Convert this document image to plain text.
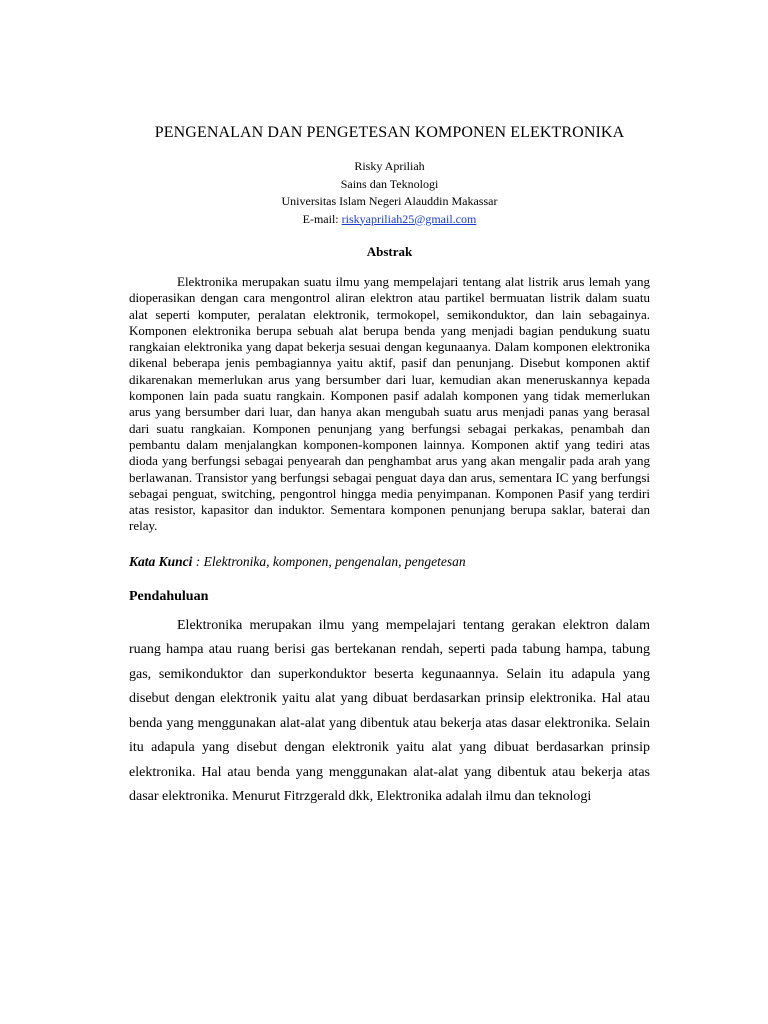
PENGENALAN DAN PENGETESAN KOMPONEN ELEKTRONIKA
Risky Apriliah
Sains dan Teknologi
Universitas Islam Negeri Alauddin Makassar
E-mail: riskyapriliah25@gmail.com
Abstrak

Elektronika merupakan suatu ilmu yang mempelajari tentang alat listrik arus lemah yang dioperasikan dengan cara mengontrol aliran elektron atau partikel bermuatan listrik dalam suatu alat seperti komputer, peralatan elektronik, termokopel, semikonduktor, dan lain sebagainya. Komponen elektronika berupa sebuah alat berupa benda yang menjadi bagian pendukung suatu rangkaian elektronika yang dapat bekerja sesuai dengan kegunaanya. Dalam komponen elektronika dikenal beberapa jenis pembagiannya yaitu aktif, pasif dan penunjang. Disebut komponen aktif dikarenakan memerlukan arus yang bersumber dari luar, kemudian akan meneruskannya kepada komponen lain pada suatu rangkain. Komponen pasif adalah komponen yang tidak memerlukan arus yang bersumber dari luar, dan hanya akan mengubah suatu arus menjadi panas yang berasal dari suatu rangkaian. Komponen penunjang yang berfungsi sebagai perkakas, penambah dan pembantu dalam menjalangkan komponen-komponen lainnya. Komponen aktif yang tediri atas dioda yang berfungsi sebagai penyearah dan penghambat arus yang akan mengalir pada arah yang berlawanan. Transistor yang berfungsi sebagai penguat daya dan arus, sementara IC yang berfungsi sebagai penguat, switching, pengontrol hingga media penyimpanan. Komponen Pasif yang terdiri atas resistor, kapasitor dan induktor. Sementara komponen penunjang berupa saklar, baterai dan relay.

Kata Kunci : Elektronika, komponen, pengenalan, pengetesan
Pendahuluan

Elektronika merupakan ilmu yang mempelajari tentang gerakan elektron dalam ruang hampa atau ruang berisi gas bertekanan rendah, seperti pada tabung hampa, tabung gas, semikonduktor dan superkonduktor beserta kegunaannya. Selain itu adapula yang disebut dengan elektronik yaitu alat yang dibuat berdasarkan prinsip elektronika. Hal atau benda yang menggunakan alat-alat yang dibentuk atau bekerja atas dasar elektronika. Selain itu adapula yang disebut dengan elektronik yaitu alat yang dibuat berdasarkan prinsip elektronika. Hal atau benda yang menggunakan alat-alat yang dibentuk atau bekerja atas dasar elektronika. Menurut Fitrzgerald dkk, Elektronika adalah ilmu dan teknologi
